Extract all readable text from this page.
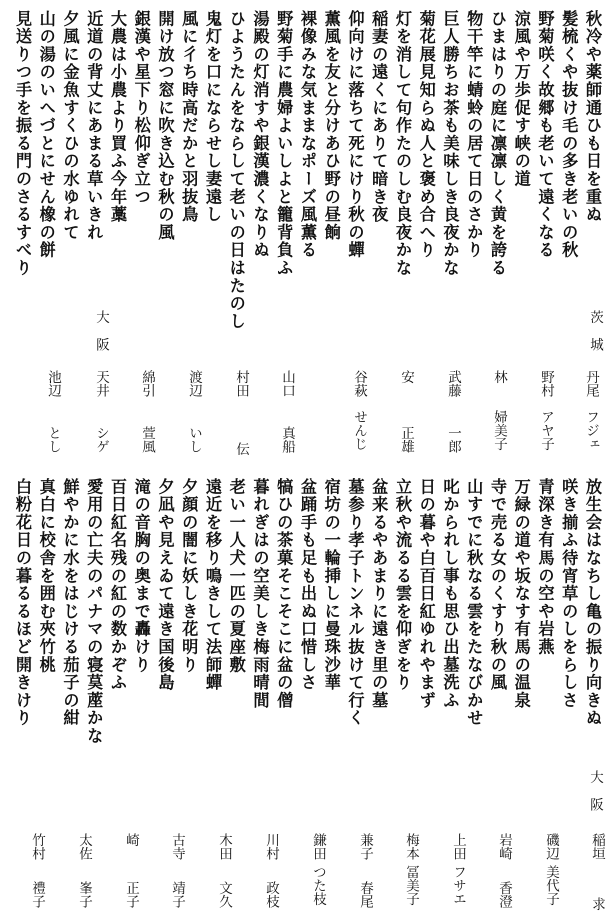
秋冷や薬師通ひも日を重ぬ
髪梳くや抜け毛の多き老いの秋
野菊咲く故郷も老いて遠くなる
涼風や万歩促す峡の道
ひまはりの庭に凛凛しく黄を誇る
物干竿に蜻蛉の居て日のさかり
巨人勝ちお茶も美味しき良夜かな
菊花展見知らぬ人と褒め合へり
灯を消して句作たのしむ良夜かな
稲妻の遠くにありて暗き夜
仰向けに落ちて死にけり秋の蟬
薫風を友と分けあひ野の昼餉
裸像みな気ままなポーズ風薫る
野菊手に農婦よいしよと籠背負ふ
湯殿の灯消すや銀漢濃くなりぬ
ひようたんをならして老いの日はたのし
鬼灯を口にならせし妻遠し
風に彳ち時高だかと羽抜鳥
開け放つ窓に吹き込む秋の風
銀漢や星下り松仰ぎ立つ
大農は小農より買ふ今年藁
近道の背丈にあまる草いきれ
夕風に金魚すくひの水ゆれて
山の湯のいへづとにせん橡の餅
見送りつ手を振る門のさるすべり
放生会はなちし亀の振り向きぬ
咲き揃ふ待宵草のしをらしさ
青深き有馬の空や岩燕
万緑の道や坂なす有馬の温泉
寺で売る女のくすり秋の風
山すでに秋なる雲をたなびかせ
叱かられし事も思ひ出墓洗ふ
日の暮や白百日紅ゆれやまず
立秋や流るる雲を仰ぎをり
盆来るやあまりに遠き里の墓
墓参り孝子トンネル抜けて行く
宿坊の一輪挿しに曼珠沙華
盆踊手も足も出ぬ口惜しさ
犒ひの茶菓そこそこに盆の僧
暮れぎはの空美しき梅雨晴間
老い一人犬一匹の夏座敷
遠近を移り鳴きして法師蟬
夕顔の闇に妖しき花明り
夕凪や見えゐて遠き国後島
滝の音胸の奥まで轟けり
百日紅名残の紅の数かぞふ
愛用の亡夫のパナマの寝茣蓙かな
鮮やかに水をはじける茄子の紺
真白に校舎を囲む夾竹桃
白粉花日の暮るるほど開きけり
茨城
大阪
丹尾
フジェ
野村
アヤ子
林
婦美子
武藤
一郎
安
正雄
谷萩
せんじ
山口
真船
村田
伝
渡辺
いし
綿引
萱風
天井
シゲ
池辺
とし
大阪
稲垣
求
磯辺
美代子
岩崎
香澄
上田
フサエ
梅本
冨美子
兼子
春尾
鎌田
つた枝
川村
政枝
木田
文久
古寺
靖子
崎
正子
太佐
峯子
竹村
禮子
